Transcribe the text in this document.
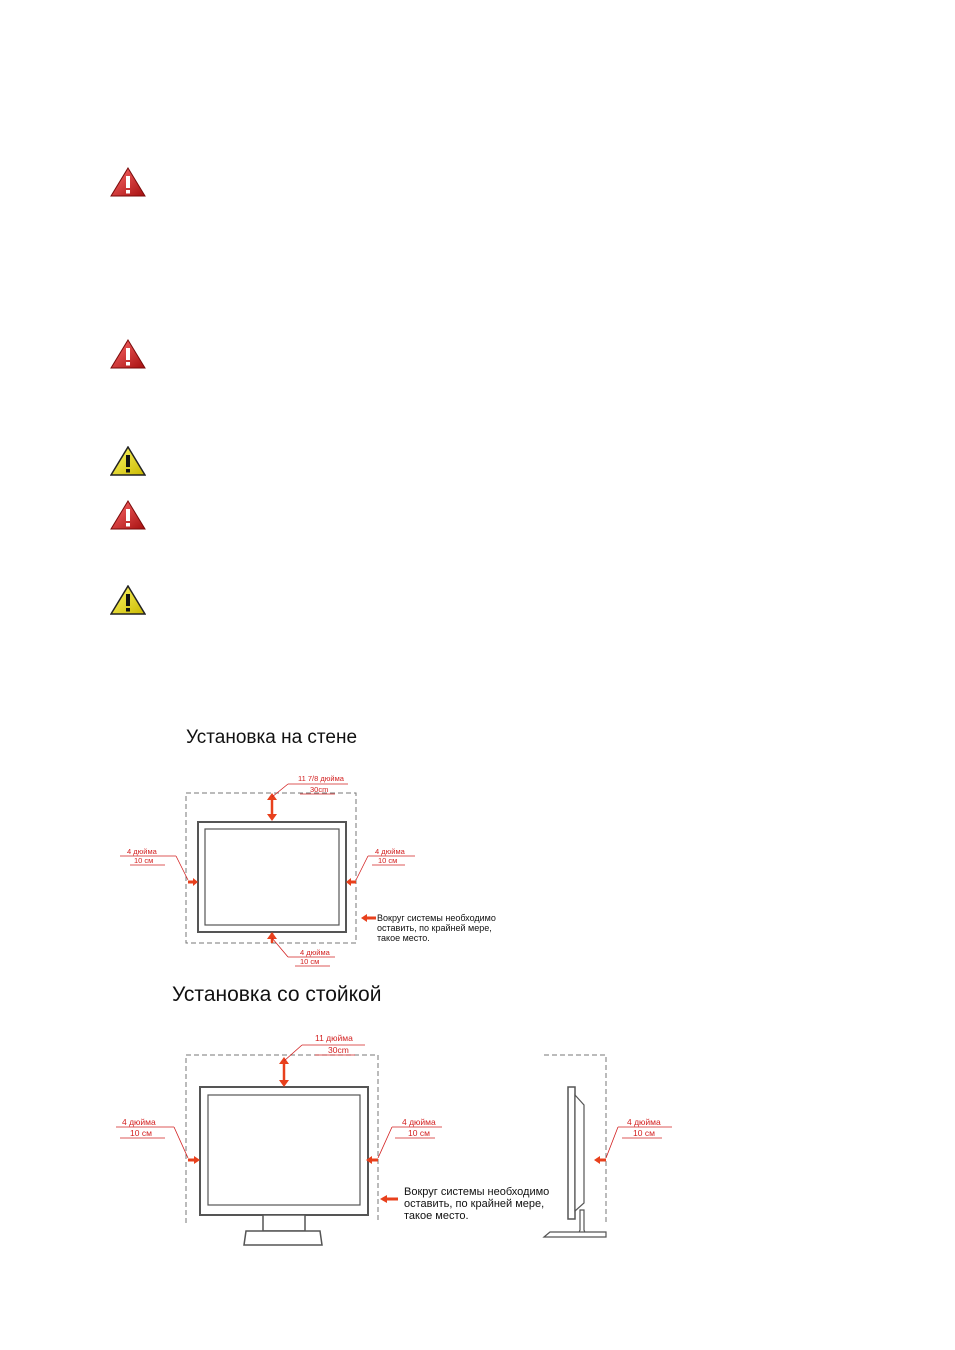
Установка на стене
11 7/8 дюйма
30cm
4 дюйма
10 см
4 дюйма
10 см
4 дюйма
10 см
Вокруг системы необходимо
оставить, по крайней мере,
такое место.
Установка со стойкой
11 дюйма
30cm
4 дюйма
10 см
4 дюйма
10 см
Вокруг системы необходимо
оставить, по крайней мере,
такое место.
4 дюйма
10 см
